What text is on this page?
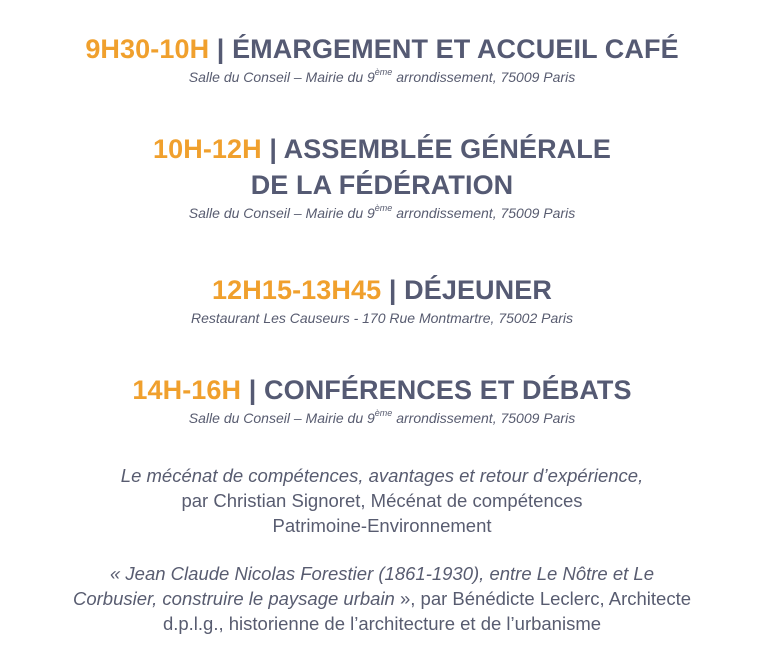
9H30-10H | ÉMARGEMENT ET ACCUEIL CAFÉ
Salle du Conseil – Mairie du 9ème arrondissement, 75009 Paris
10H-12H | ASSEMBLÉE GÉNÉRALE
DE LA FÉDÉRATION
Salle du Conseil – Mairie du 9ème arrondissement, 75009 Paris
12H15-13H45 | DÉJEUNER
Restaurant Les Causeurs - 170 Rue Montmartre, 75002 Paris
14H-16H | CONFÉRENCES ET DÉBATS
Salle du Conseil – Mairie du 9ème arrondissement, 75009 Paris
Le mécénat de compétences, avantages et retour d’expérience,
par Christian Signoret, Mécénat de compétences
Patrimoine-Environnement
« Jean Claude Nicolas Forestier (1861-1930), entre Le Nôtre et Le
Corbusier, construire le paysage urbain », par Bénédicte Leclerc, Architecte
d.p.l.g., historienne de l’architecture et de l’urbanisme
